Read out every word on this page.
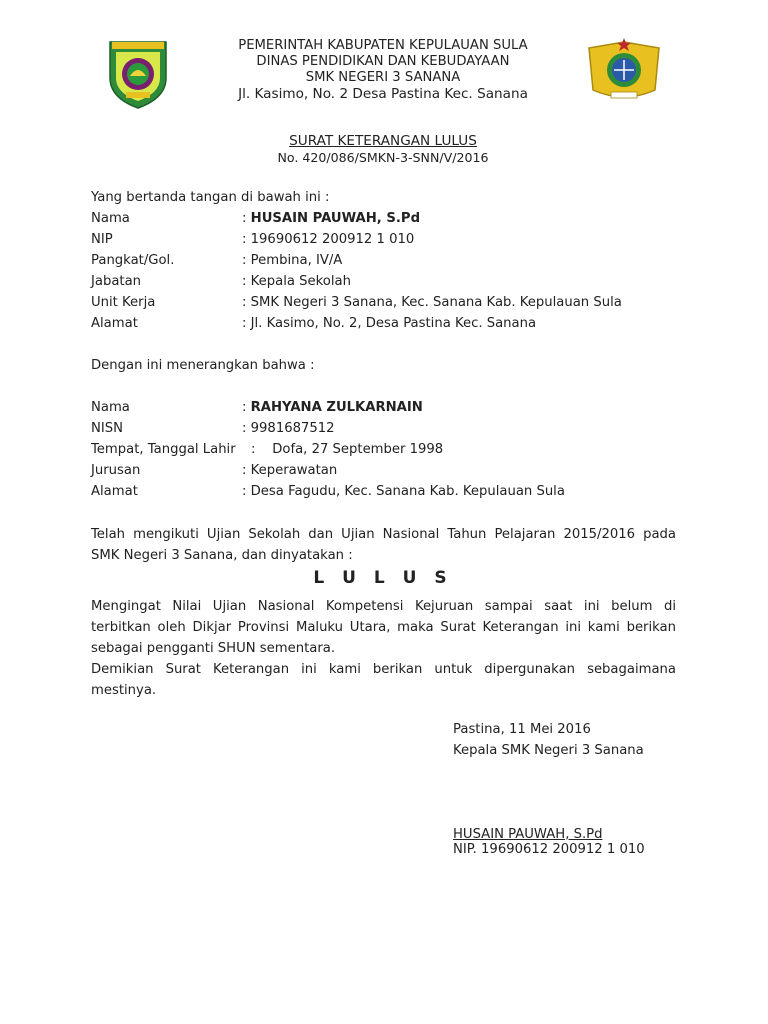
PEMERINTAH KABUPATEN KEPULAUAN SULA
DINAS PENDIDIKAN DAN KEBUDAYAAN
SMK NEGERI 3 SANANA
Jl. Kasimo, No. 2 Desa Pastina Kec. Sanana
SURAT KETERANGAN LULUS
No. 420/086/SMKN-3-SNN/V/2016
Yang bertanda tangan di bawah ini :
Nama	: HUSAIN PAUWAH, S.Pd
NIP	: 19690612 200912 1 010
Pangkat/Gol.	: Pembina, IV/A
Jabatan	: Kepala Sekolah
Unit Kerja	: SMK Negeri 3 Sanana, Kec. Sanana Kab. Kepulauan Sula
Alamat	: Jl. Kasimo, No. 2, Desa Pastina Kec. Sanana
Dengan ini menerangkan bahwa :
Nama	: RAHYANA ZULKARNAIN
NISN	: 9981687512
Tempat, Tanggal Lahir : Dofa, 27 September 1998
Jurusan	: Keperawatan
Alamat	: Desa Fagudu, Kec. Sanana Kab. Kepulauan Sula
Telah mengikuti Ujian Sekolah dan Ujian Nasional Tahun Pelajaran 2015/2016 pada
SMK Negeri 3 Sanana, dan dinyatakan :
L U L U S
Mengingat Nilai Ujian Nasional Kompetensi Kejuruan sampai saat ini belum di
terbitkan oleh Dikjar Provinsi Maluku Utara, maka Surat Keterangan ini kami berikan
sebagai pengganti SHUN sementara.
Demikian Surat Keterangan ini kami berikan untuk dipergunakan sebagaimana
mestinya.
Pastina, 11 Mei 2016
Kepala SMK Negeri 3 Sanana
HUSAIN PAUWAH, S.Pd
NIP. 19690612 200912 1 010
